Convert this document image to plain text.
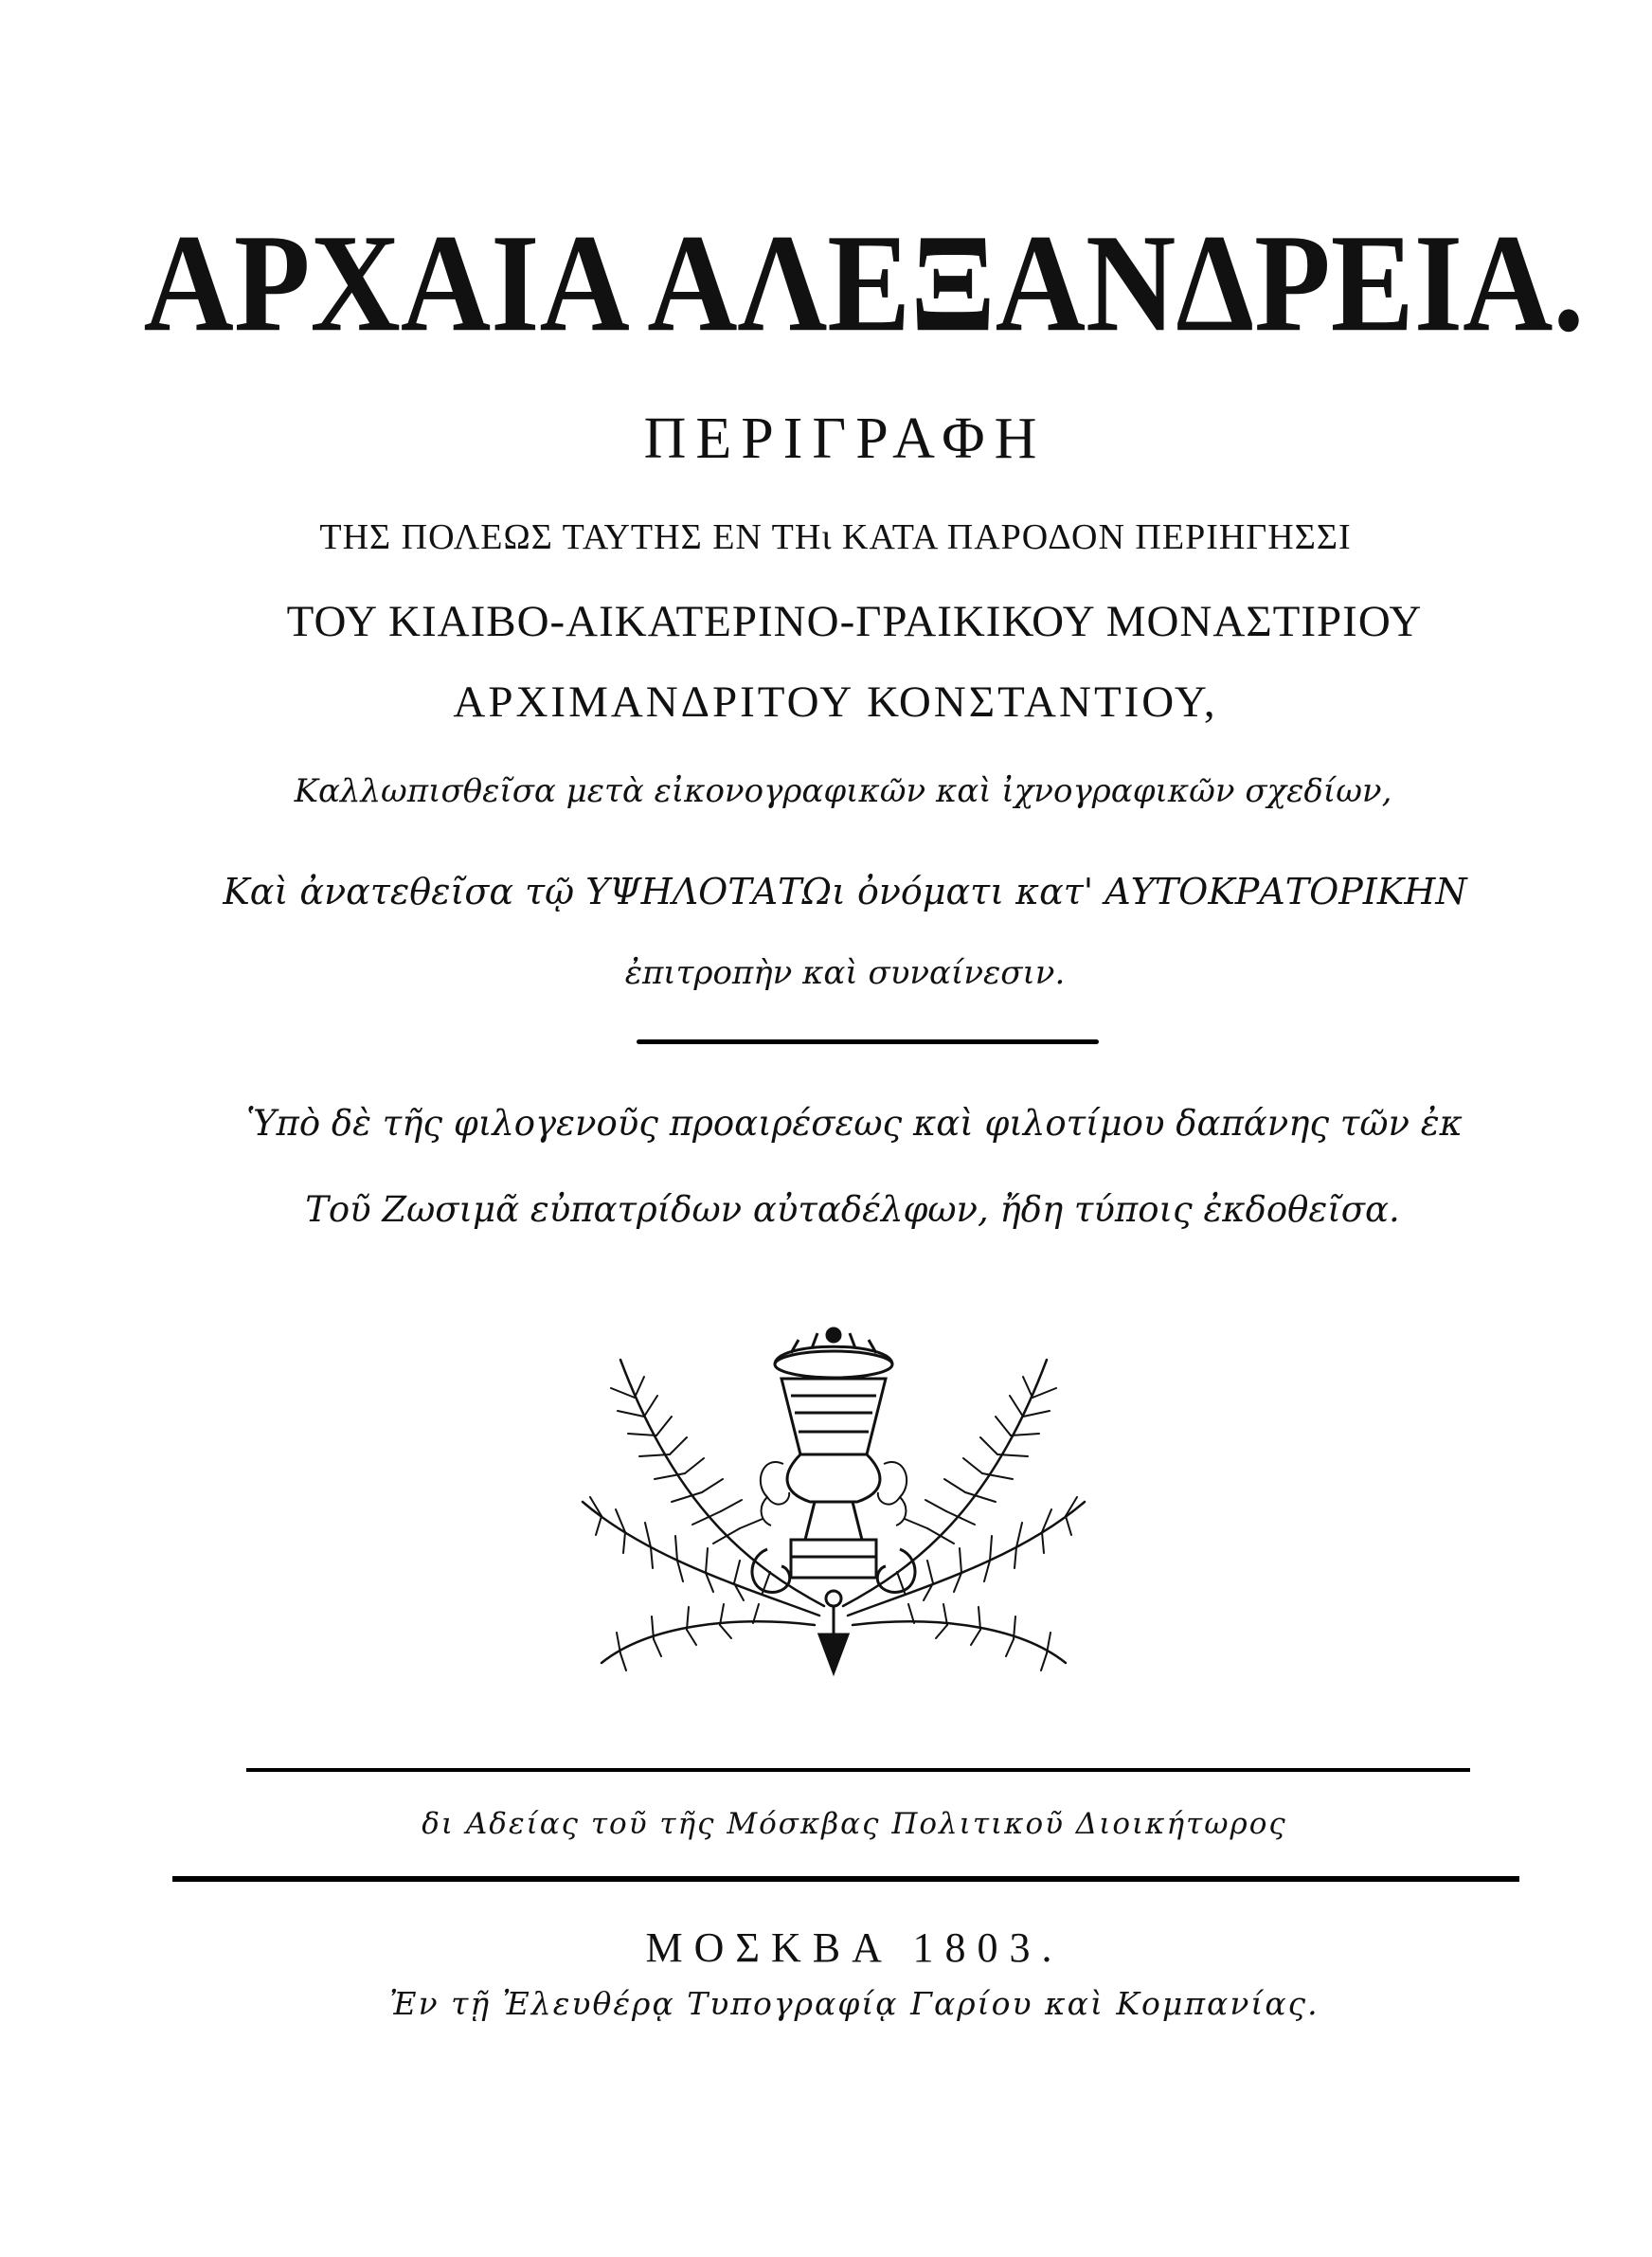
ΑΡΧΑΙΑ ΑΛΕΞΑΝΔΡΕΙΑ.
ΠΕΡΙΓΡΑΦΗ
ΤΗΣ ΠΟΛΕΩΣ ΤΑΥΤΗΣ ΕΝ ΤΗι ΚΑΤΑ ΠΑΡΟΔΟΝ ΠΕΡΙΗΓΗΣΣΙ
ΤΟΥ ΚΙΑΙΒΟ-ΑΙΚΑΤΕΡΙΝΟ-ΓΡΑΙΚΙΚΟΥ ΜΟΝΑΣΤΙΡΙΟΥ
ΑΡΧΙΜΑΝΔΡΙΤΟΥ ΚΟΝΣΤΑΝΤΙΟΥ,
Καλλωπισθεῖσα μετὰ εἰκονογραφικῶν καὶ ἰχνογραφικῶν σχεδίων,
Καὶ ἀνατεθεῖσα τῷ ΥΨΗΛΟΤΑΤΩι ὀνόματι κατ' ΑΥΤΟΚΡΑΤΟΡΙΚΗΝ
ἐπιτροπὴν καὶ συναίνεσιν.
Ὑπὸ δὲ τῆς φιλογενοῦς προαιρέσεως καὶ φιλοτίμου δαπάνης τῶν ἐκ
Τοῦ Ζωσιμᾶ εὐπατρίδων αὐταδέλφων, ἤδη τύποις ἐκδοθεῖσα.
δι Αδείας τοῦ τῆς Μόσκβας Πολιτικοῦ Διοικήτωρος
ΜΟΣΚΒΑ 1803.
Ἐν τῇ Ἐλευθέρᾳ Τυπογραφίᾳ Γαρίου καὶ Κομπανίας.
